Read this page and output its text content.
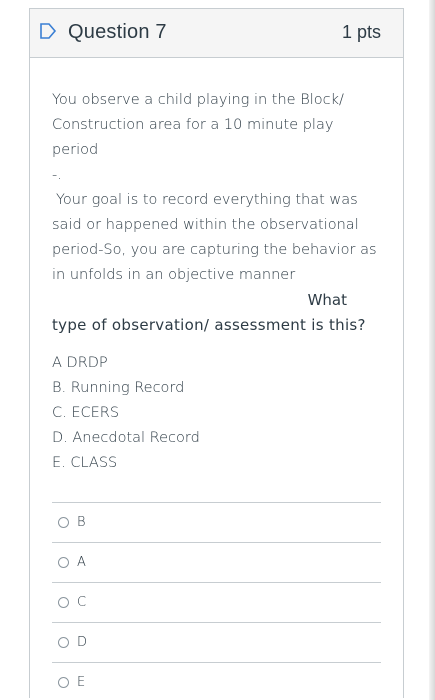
Question 7	1 pts

You observe a child playing in the Block/

Construction area for a 10 minute play period

-.

Your goal is to record everything that was

said or happened within the observational

period-So, you are capturing the behavior as

in unfolds in an objective manner

What
type of observation/ assessment is this?
A DRDP
B. Running Record
C. ECERS
D. Anecdotal Record
E. CLASS
B
A
C
D
E
